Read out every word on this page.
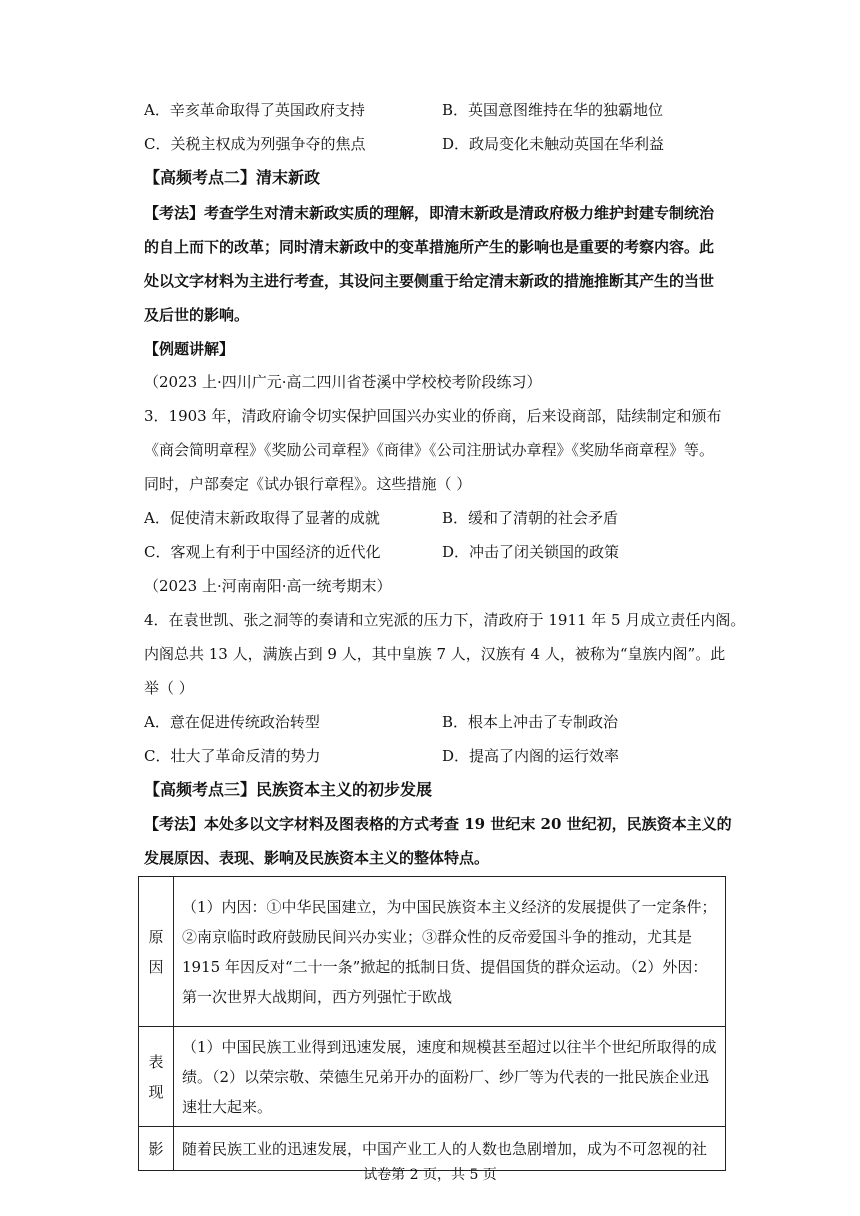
A．辛亥革命取得了英国政府支持	B．英国意图维持在华的独霸地位
C．关税主权成为列强争夺的焦点	D．政局变化未触动英国在华利益
【高频考点二】清末新政
【考法】考查学生对清末新政实质的理解，即清末新政是清政府极力维护封建专制统治
的自上而下的改革；同时清末新政中的变革措施所产生的影响也是重要的考察内容。此
处以文字材料为主进行考查，其设问主要侧重于给定清末新政的措施推断其产生的当世
及后世的影响。
【例题讲解】
（2023 上·四川广元·高二四川省苍溪中学校校考阶段练习）
3．1903 年，清政府谕令切实保护回国兴办实业的侨商，后来设商部，陆续制定和颁布
《商会简明章程》《奖励公司章程》《商律》《公司注册试办章程》《奖励华商章程》等。
同时，户部奏定《试办银行章程》。这些措施（ ）
A．促使清末新政取得了显著的成就	B．缓和了清朝的社会矛盾
C．客观上有利于中国经济的近代化	D．冲击了闭关锁国的政策
（2023 上·河南南阳·高一统考期末）
4．在袁世凯、张之洞等的奏请和立宪派的压力下，清政府于 1911 年 5 月成立责任内阁。
内阁总共 13 人，满族占到 9 人，其中皇族 7 人，汉族有 4 人，被称为“皇族内阁”。此
举（ ）
A．意在促进传统政治转型	B．根本上冲击了专制政治
C．壮大了革命反清的势力	D．提高了内阁的运行效率
【高频考点三】民族资本主义的初步发展
【考法】本处多以文字材料及图表格的方式考查 19 世纪末 20 世纪初，民族资本主义的
发展原因、表现、影响及民族资本主义的整体特点。
原
因	（1）内因：①中华民国建立，为中国民族资本主义经济的发展提供了一定条件；②南京临时政府鼓励民间兴办实业；③群众性的反帝爱国斗争的推动，尤其是 1915 年因反对“二十一条”掀起的抵制日货、提倡国货的群众运动。（2）外因：第一次世界大战期间，西方列强忙于欧战
表
现	（1）中国民族工业得到迅速发展，速度和规模甚至超过以往半个世纪所取得的成绩。（2）以荣宗敬、荣德生兄弟开办的面粉厂、纱厂等为代表的一批民族企业迅速壮大起来。
影	随着民族工业的迅速发展，中国产业工人的人数也急剧增加，成为不可忽视的社
试卷第 2 页，共 5 页
